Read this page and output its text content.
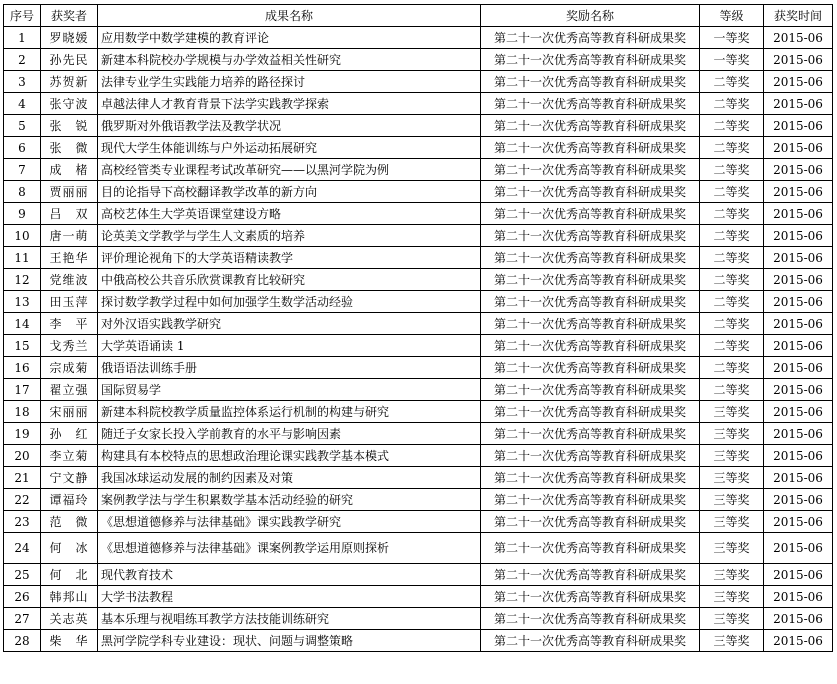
序号	获奖者	成果名称	奖励名称	等级	获奖时间
1	罗晓媛	应用数学中数学建模的教育评论	第二十一次优秀高等教育科研成果奖	一等奖	2015-06
2	孙先民	新建本科院校办学规模与办学效益相关性研究	第二十一次优秀高等教育科研成果奖	一等奖	2015-06
3	苏贺新	法律专业学生实践能力培养的路径探讨	第二十一次优秀高等教育科研成果奖	二等奖	2015-06
4	张守波	卓越法律人才教育背景下法学实践教学探索	第二十一次优秀高等教育科研成果奖	二等奖	2015-06
5	张　锐	俄罗斯对外俄语教学法及教学状况	第二十一次优秀高等教育科研成果奖	二等奖	2015-06
6	张　微	现代大学生体能训练与户外运动拓展研究	第二十一次优秀高等教育科研成果奖	二等奖	2015-06
7	成　楮	高校经管类专业课程考试改革研究——以黑河学院为例	第二十一次优秀高等教育科研成果奖	二等奖	2015-06
8	贾丽丽	目的论指导下高校翻译教学改革的新方向	第二十一次优秀高等教育科研成果奖	二等奖	2015-06
9	吕　双	高校艺体生大学英语课堂建设方略	第二十一次优秀高等教育科研成果奖	二等奖	2015-06
10	唐一萌	论英美文学教学与学生人文素质的培养	第二十一次优秀高等教育科研成果奖	二等奖	2015-06
11	王艳华	评价理论视角下的大学英语精读教学	第二十一次优秀高等教育科研成果奖	二等奖	2015-06
12	党维波	中俄高校公共音乐欣赏课教育比较研究	第二十一次优秀高等教育科研成果奖	二等奖	2015-06
13	田玉萍	探讨数学教学过程中如何加强学生数学活动经验	第二十一次优秀高等教育科研成果奖	二等奖	2015-06
14	李　平	对外汉语实践教学研究	第二十一次优秀高等教育科研成果奖	二等奖	2015-06
15	戈秀兰	大学英语诵读 1	第二十一次优秀高等教育科研成果奖	二等奖	2015-06
16	宗成菊	俄语语法训练手册	第二十一次优秀高等教育科研成果奖	二等奖	2015-06
17	翟立强	国际贸易学	第二十一次优秀高等教育科研成果奖	二等奖	2015-06
18	宋丽丽	新建本科院校教学质量监控体系运行机制的构建与研究	第二十一次优秀高等教育科研成果奖	三等奖	2015-06
19	孙　红	随迁子女家长投入学前教育的水平与影响因素	第二十一次优秀高等教育科研成果奖	三等奖	2015-06
20	李立菊	构建具有本校特点的思想政治理论课实践教学基本模式	第二十一次优秀高等教育科研成果奖	三等奖	2015-06
21	宁文静	我国冰球运动发展的制约因素及对策	第二十一次优秀高等教育科研成果奖	三等奖	2015-06
22	谭福玲	案例教学法与学生积累数学基本活动经验的研究	第二十一次优秀高等教育科研成果奖	三等奖	2015-06
23	范　微	《思想道德修养与法律基础》课实践教学研究	第二十一次优秀高等教育科研成果奖	三等奖	2015-06
24	何　冰	《思想道德修养与法律基础》课案例教学运用原则探析	第二十一次优秀高等教育科研成果奖	三等奖	2015-06
25	何　北	现代教育技术	第二十一次优秀高等教育科研成果奖	三等奖	2015-06
26	韩邦山	大学书法教程	第二十一次优秀高等教育科研成果奖	三等奖	2015-06
27	关志英	基本乐理与视唱练耳教学方法技能训练研究	第二十一次优秀高等教育科研成果奖	三等奖	2015-06
28	柴　华	黑河学院学科专业建设：现状、问题与调整策略	第二十一次优秀高等教育科研成果奖	三等奖	2015-06
